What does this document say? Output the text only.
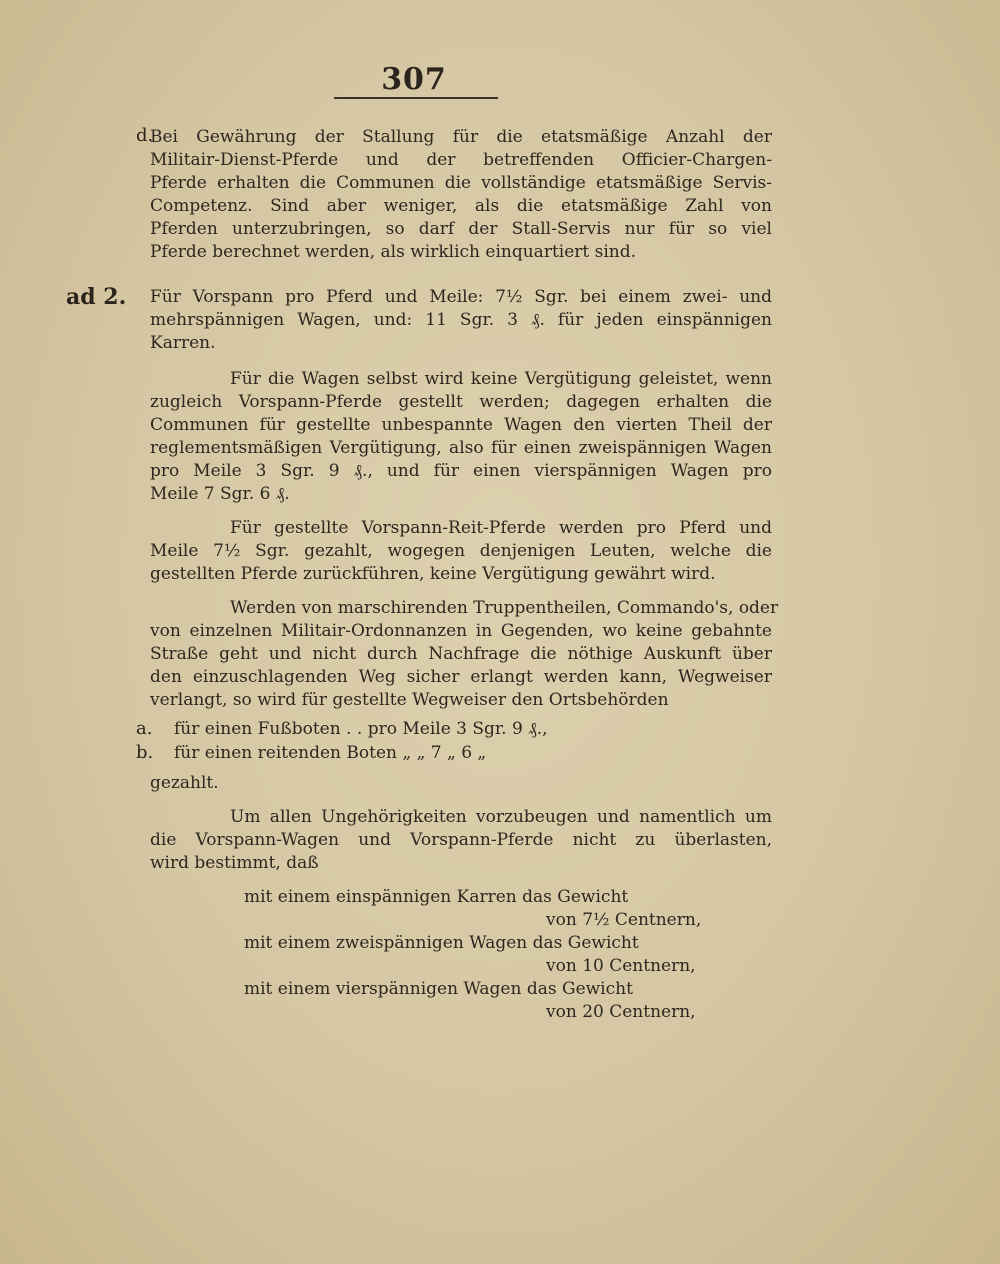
307
d.
ad 2.
a.
b.
Bei Gewährung der Stallung für die etatsmäßige Anzahl der
Militair-Dienst-Pferde und der betreffenden Officier-Chargen-
Pferde erhalten die Communen die vollständige etatsmäßige Servis-
Competenz. Sind aber weniger, als die etatsmäßige Zahl von
Pferden unterzubringen, so darf der Stall-Servis nur für so viel
Pferde berechnet werden, als wirklich einquartiert sind.
Für Vorspann pro Pferd und Meile: 7½ Sgr. bei einem zwei- und
mehrspännigen Wagen, und: 11 Sgr. 3 ₰. für jeden einspännigen
Karren.
Für die Wagen selbst wird keine Vergütigung geleistet, wenn
zugleich Vorspann-Pferde gestellt werden; dagegen erhalten die
Communen für gestellte unbespannte Wagen den vierten Theil der
reglementsmäßigen Vergütigung, also für einen zweispännigen Wagen
pro Meile 3 Sgr. 9 ₰., und für einen vierspännigen Wagen pro
Meile 7 Sgr. 6 ₰.
Für gestellte Vorspann-Reit-Pferde werden pro Pferd und
Meile 7½ Sgr. gezahlt, wogegen denjenigen Leuten, welche die
gestellten Pferde zurückführen, keine Vergütigung gewährt wird.
Werden von marschirenden Truppentheilen, Commando's, oder
von einzelnen Militair-Ordonnanzen in Gegenden, wo keine gebahnte
Straße geht und nicht durch Nachfrage die nöthige Auskunft über
den einzuschlagenden Weg sicher erlangt werden kann, Wegweiser
verlangt, so wird für gestellte Wegweiser den Ortsbehörden
für einen Fußboten . . pro Meile 3 Sgr. 9 ₰.,
für einen reitenden Boten „ „ 7 „ 6 „
gezahlt.
Um allen Ungehörigkeiten vorzubeugen und namentlich um
die Vorspann-Wagen und Vorspann-Pferde nicht zu überlasten,
wird bestimmt, daß
mit einem einspännigen Karren das Gewicht
von 7½ Centnern,
mit einem zweispännigen Wagen das Gewicht
von 10 Centnern,
mit einem vierspännigen Wagen das Gewicht
von 20 Centnern,
